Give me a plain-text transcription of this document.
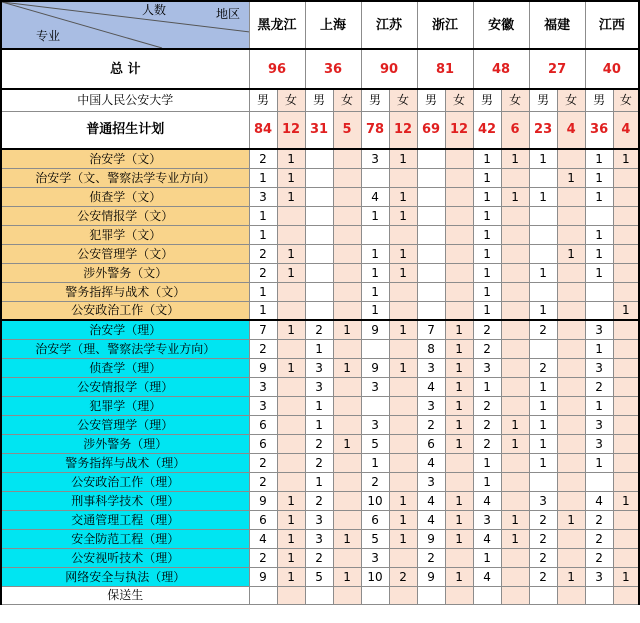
人数 地区
专业	黑龙江		上海		江苏		浙江		安徽		福建		江西	
总 计	96		36		90		81		48		27		40	
中国人民公安大学	男	女	男	女	男	女	男	女	男	女	男	女	男	女
普通招生计划	84	12	31	5	78	12	69	12	42	6	23	4	36	4
治安学（文）	2	1			3	1			1	1	1		1	1
治安学（文、警察法学专业方向）	1	1							1			1	1	
侦查学（文）	3	1			4	1			1	1	1		1	
公安情报学（文）	1				1	1			1					
犯罪学（文）	1								1				1	
公安管理学（文）	2	1			1	1			1			1	1	
涉外警务（文）	2	1			1	1			1		1		1	
警务指挥与战术（文）	1				1				1					
公安政治工作（文）	1				1				1		1			1
治安学（理）	7	1	2	1	9	1	7	1	2		2		3	
治安学（理、警察法学专业方向）	2		1				8	1	2				1	
侦查学（理）	9	1	3	1	9	1	3	1	3		2		3	
公安情报学（理）	3		3		3		4	1	1		1		2	
犯罪学（理）	3		1				3	1	2		1		1	
公安管理学（理）	6		1		3		2	1	2	1	1		3	
涉外警务（理）	6		2	1	5		6	1	2	1	1		3	
警务指挥与战术（理）	2		2		1		4		1		1		1	
公安政治工作（理）	2		1		2		3		1					
刑事科学技术（理）	9	1	2		10	1	4	1	4		3		4	1
交通管理工程（理）	6	1	3		6	1	4	1	3	1	2	1	2	
安全防范工程（理）	4	1	3	1	5	1	9	1	4	1	2		2	
公安视听技术（理）	2	1	2		3		2		1		2		2	
网络安全与执法（理）	9	1	5	1	10	2	9	1	4		2	1	3	1
保送生														
